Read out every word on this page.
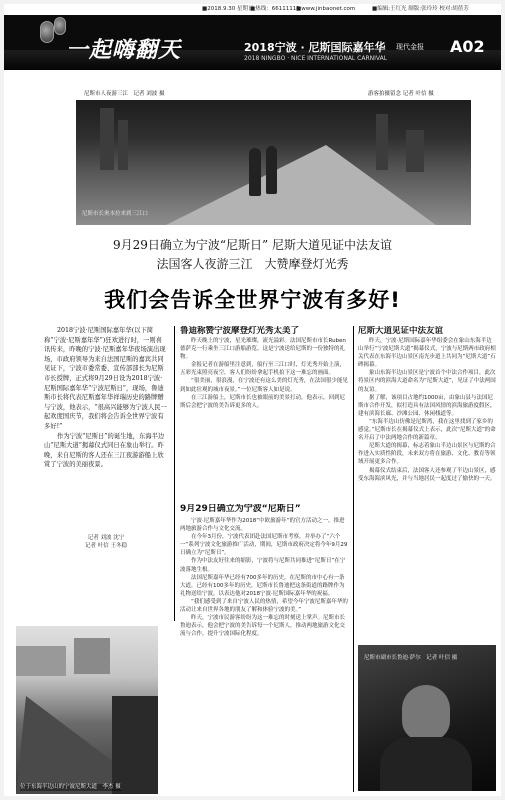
■2018.9.30 星期日
■热线：66111111
■www.jinbaonet.com	■编辑:王红光 制版:张玲玲 校对:胡蓓芳
一起嗨翻天	2018宁波 · 尼斯国际嘉年华
2018 NINGBO · NICE INTERNATIONAL CARNIVAL
现代金报 A02
尼斯市人夜游三江　记者 刘波 摄	游客拍摄留念 记者 叶信 摄
尼斯市长奥本拉来到三江口
9月29日确立为宁波“尼斯日” 尼斯大道见证中法友谊
法国客人夜游三江　大赞摩登灯光秀
我们会告诉全世界宁波有多好!

2018宁波·尼斯国际嘉年华(以下简称“宁波·尼斯嘉年华”)狂欢进行时，一则喜讯传来，昨晚的宁波·尼斯嘉年华夜场演出现场，市政府领导为来自法国尼斯的嘉宾共同见证下，宁波市委常委、宣传部部长为尼斯市长授牌，正式将9月29日设为2018宁波·尼斯国际嘉年华“宁波尼斯日”，现场，鲁迪斯市长将代表尼斯嘉年华祥瑞历史的路牌赠与宁波，他表示，“很高兴能够为宁波人民一起欢度国庆节，我们将会告诉全世界宁波有多好!”

作为宁波“尼斯日”的诞生地，东海半边山“尼斯大道”揭幕仪式同日在象山举行。昨晚，来自尼斯的客人还在三江夜游游船上欣赏了宁波的美丽夜景。

记者 刘波 沈宁

记者 叶信 王冬稳

鲁迪称赞宁波摩登灯光秀太美了

昨天晚上的宁波，星光璀璨，流光溢彩。法国尼斯市市长Ruben德萨克一行乘坐三江口游船游览。这是宁波送给尼斯的一份独特的礼物。

金报记者在游船里注意到，船行至三江口时，灯光秀开始上演，五彩光束照亮夜空，客人们纷纷拿起手机拍下这一难忘的画面。

“很美丽，很浪漫，在宁波还有这么美的灯光秀，在法国很少能见到如此壮观的城市夜景。”一位尼斯客人如是说。

在三江游船上，尼斯市长也被眼前的美景打动，他表示，回到尼斯后会把宁波的美告诉更多的人。

9月29日确立为宁波“尼斯日”

宁波·尼斯嘉年华作为2018“中欧旅游年”的官方活动之一，推进两地旅游合作与文化交流。

在今年3月份，宁波代表团赴法国尼斯市考察，并举办了“六个一”系列宁波文化旅游推广活动，期间，尼斯市政府决定将今年9月29日确立为“尼斯日”。

作为中法友好往来的缩影，宁波将与尼斯共同推进“尼斯日”在宁波落地生根。

法国尼斯嘉年华已经有700多年的历史，在尼斯的市中心有一条大道，已经有100多年的历史，尼斯市长鲁迪把这条街道的路牌作为礼物送给宁波，以表达他对2018宁波·尼斯国际嘉年华的祝福。

“我们感受到了来自宁波人民的热情，希望今年宁波尼斯嘉年华的活动让来自世界各地的朋友了解和体验宁波的美。”

昨天，宁波市民游客纷纷为这一难忘的时刻送上掌声。尼斯市长鲁迪表示，他会把宁波的美告诉每一个尼斯人，推动两地旅游文化交流与合作，提升宁波国际化程度。

尼斯大道见证中法友谊

昨天，宁波·尼斯国际嘉年华组委会在象山东海半边山举行“宁波尼斯大道”揭幕仪式，宁波与尼斯两市政府相关代表在东海半边山景区南光步道上共同为“尼斯大道”石碑揭幕。

象山东海半边山景区是宁波首个中法合作项目，此次将景区内的滨海大道命名为“尼斯大道”，见证了中法两国的友谊。

据了解，该项目占地约1000亩，由象山县与法国尼斯市合作开发，拟打造具有法国风情的滨海旅游度假区，建有滨海长廊、沙滩公园、休闲栈道等。

“东海半边山仿佛是尼斯湾，我在这里找到了家乡的感觉。”尼斯市长在揭幕仪式上表示，此次“尼斯大道”的命名开启了中法两地合作的新篇章。

尼斯大道的揭幕，标志着象山半边山景区与尼斯的合作进入实质性阶段，未来双方将在旅游、文化、教育等领域开展更多合作。

揭幕仪式结束后，法国客人还参观了半边山景区，感受东海海滨风光，并与当地居民一起度过了愉快的一天。

尼斯市副市长鲁迪·萨尔　记者 叶信 摄
位于东海半边山的宁波尼斯大道　李杰 摄
